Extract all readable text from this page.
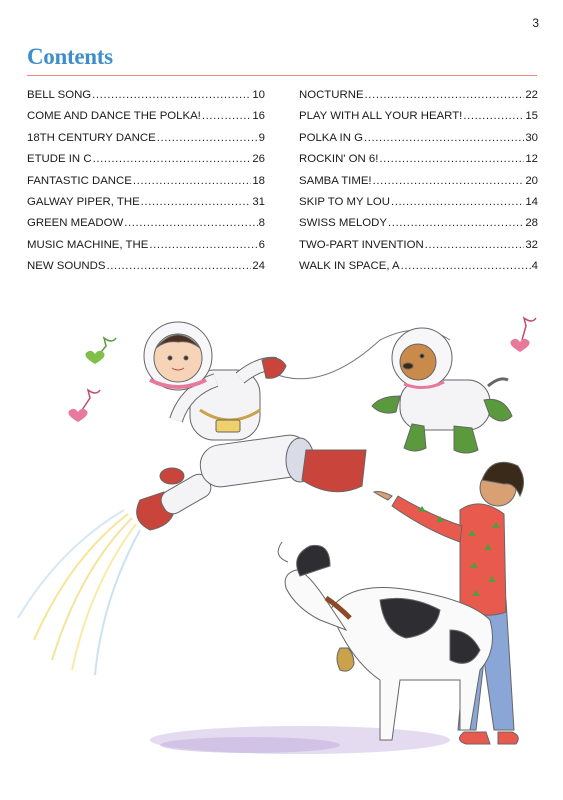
3
Contents
BELL SONG .....	10
COME AND DANCE THE POLKA! .....	16
18TH CENTURY DANCE .....	9
ETUDE IN C .....	26
FANTASTIC DANCE .....	18
GALWAY PIPER, THE .....	31
GREEN MEADOW .....	8
MUSIC MACHINE, THE .....	6
NEW SOUNDS .....	24
NOCTURNE .....	22
PLAY WITH ALL YOUR HEART! .....	15
POLKA IN G .....	30
ROCKIN' ON 6! .....	12
SAMBA TIME! .....	20
SKIP TO MY LOU .....	14
SWISS MELODY .....	28
TWO-PART INVENTION .....	32
WALK IN SPACE, A .....	4
